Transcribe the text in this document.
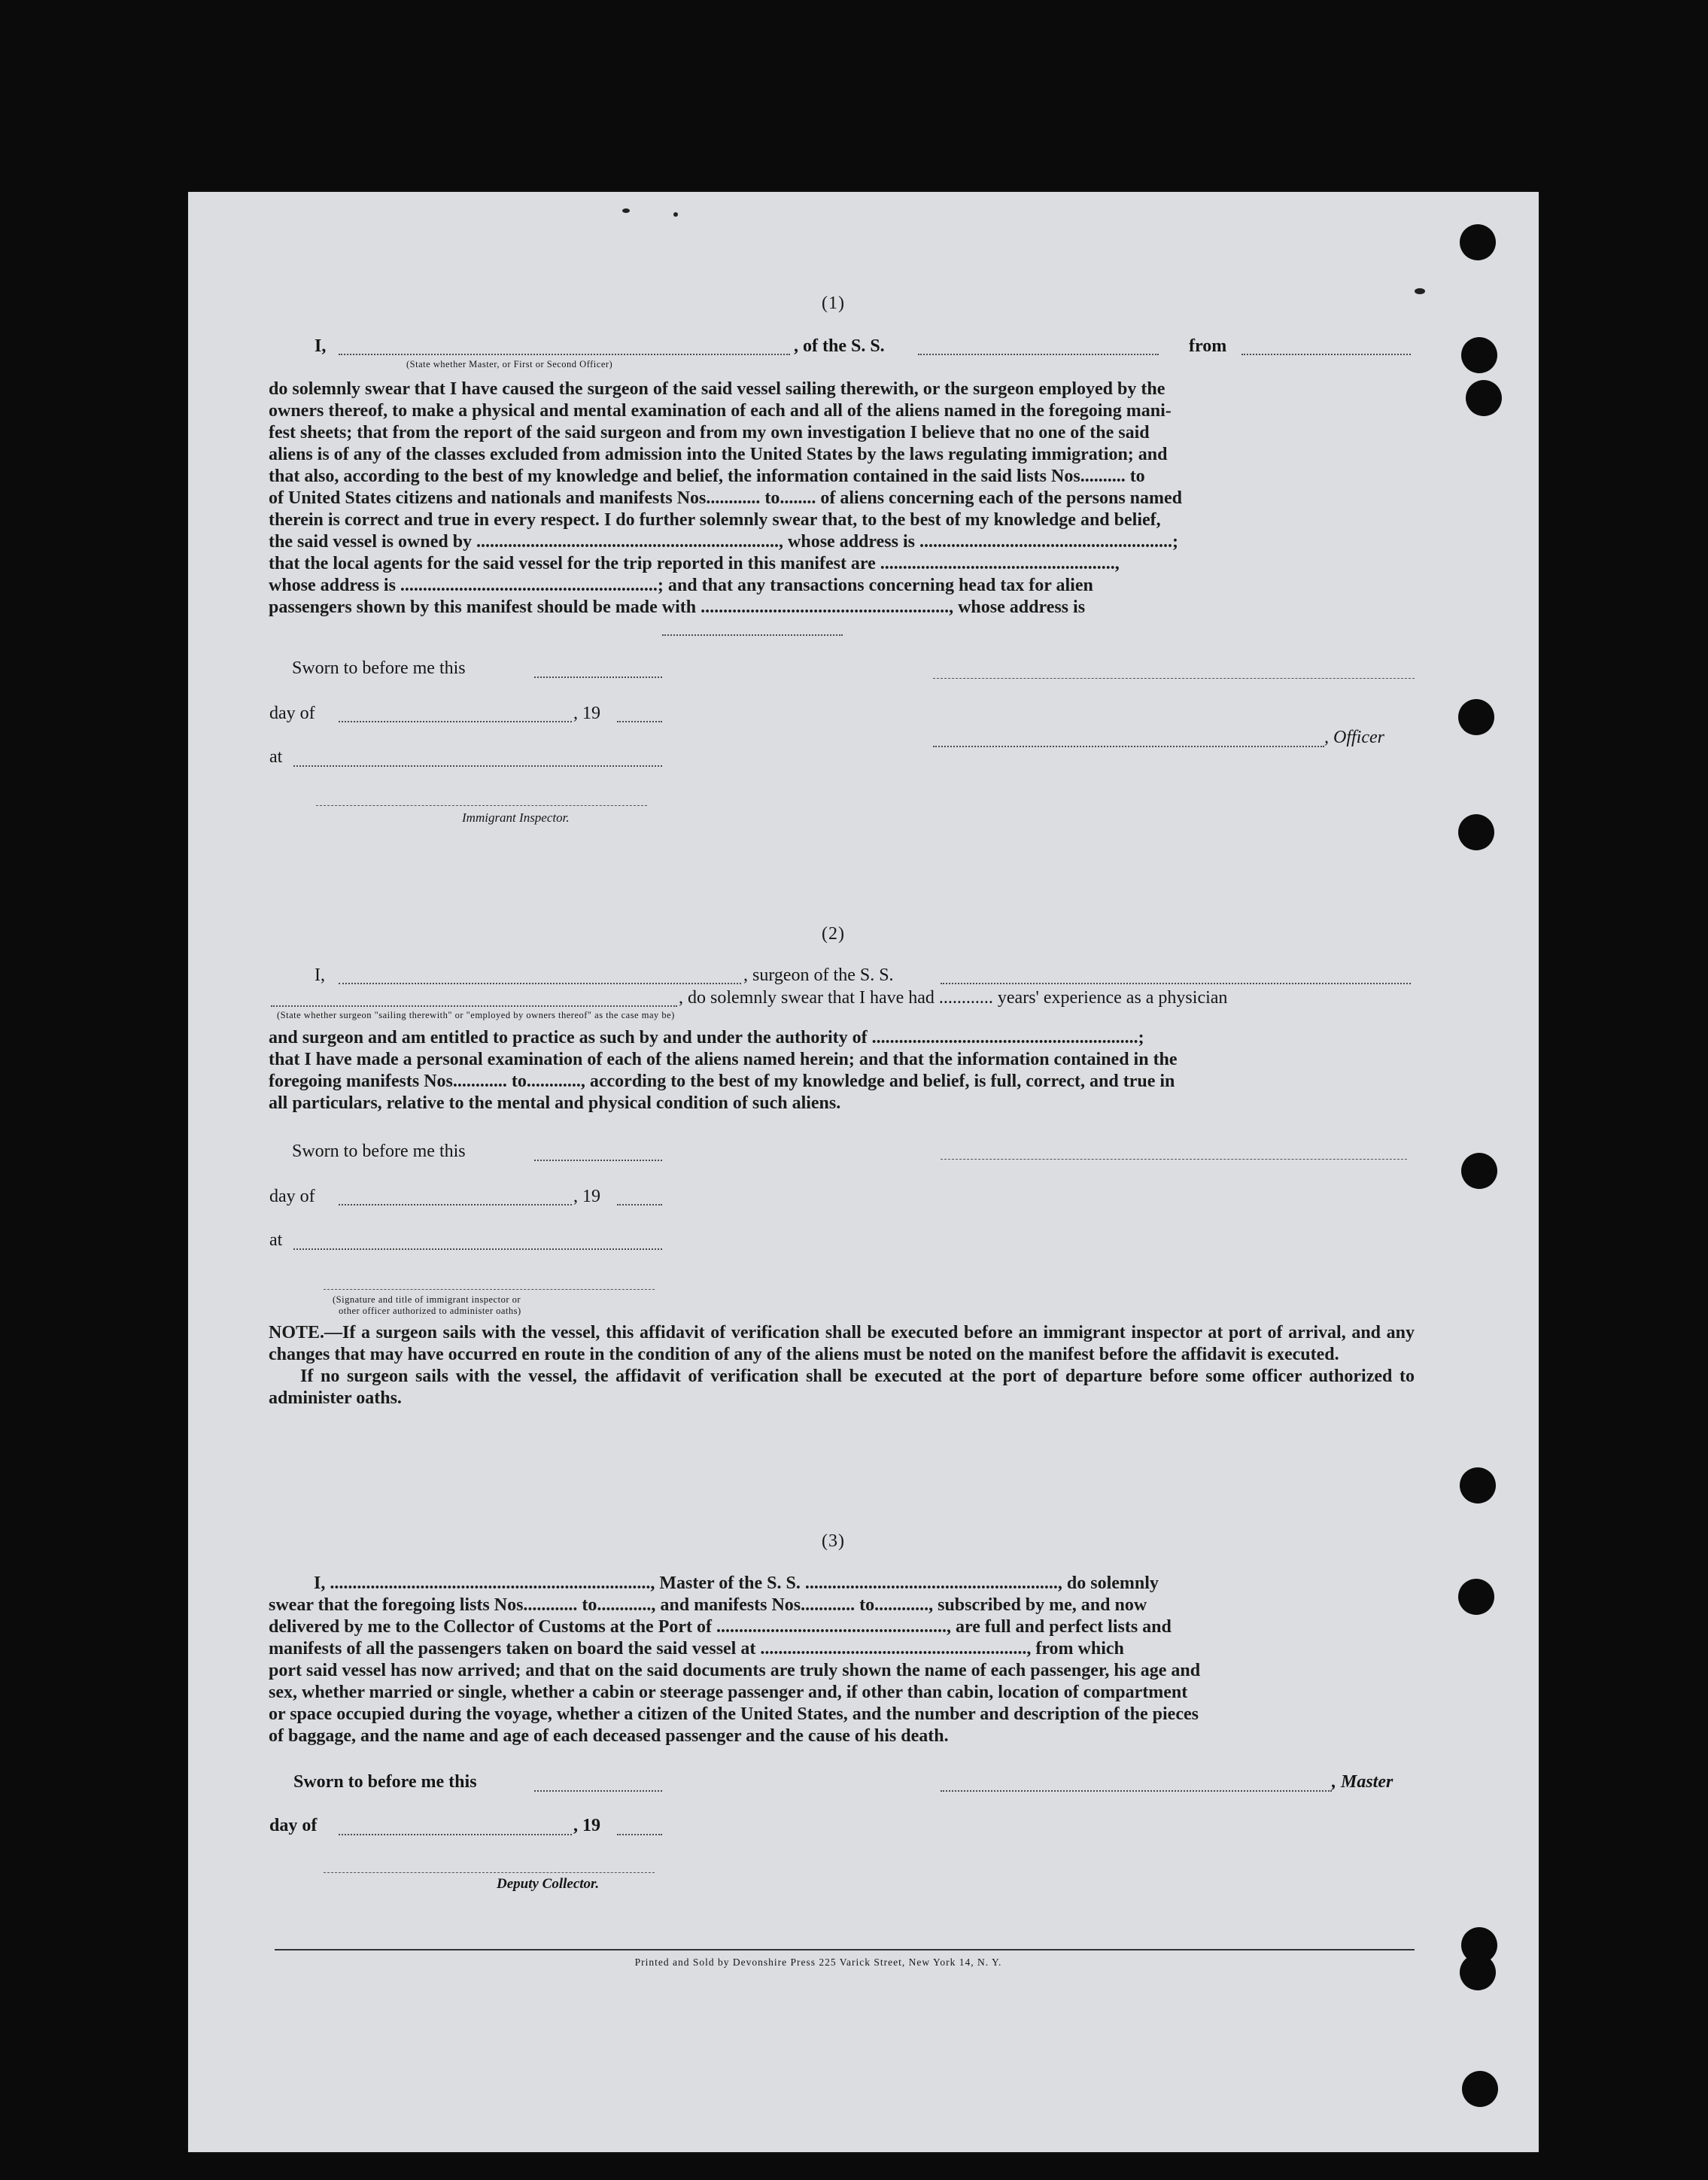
(1)
I,	, of the S. S.	from
(State whether Master, or First or Second Officer)

do solemnly swear that I have caused the surgeon of the said vessel sailing therewith, or the surgeon employed by the

owners thereof, to make a physical and mental examination of each and all of the aliens named in the foregoing mani-

fest sheets; that from the report of the said surgeon and from my own investigation I believe that no one of the said

aliens is of any of the classes excluded from admission into the United States by the laws regulating immigration; and

that also, according to the best of my knowledge and belief, the information contained in the said lists Nos.......... to

of United States citizens and nationals and manifests Nos............ to........ of aliens concerning each of the persons named

therein is correct and true in every respect. I do further solemnly swear that, to the best of my knowledge and belief,

the said vessel is owned by ..................................................................., whose address is ........................................................;

that the local agents for the said vessel for the trip reported in this manifest are ....................................................,

whose address is .........................................................; and that any transactions concerning head tax for alien

passengers shown by this manifest should be made with ......................................................., whose address is

Sworn to before me this
day of	, 19
, Officer
at
Immigrant Inspector.
(2)
I,	, surgeon of the S. S.
, do solemnly swear that I have had ............ years' experience as a physician
(State whether surgeon "sailing therewith" or "employed by owners thereof" as the case may be)

and surgeon and am entitled to practice as such by and under the authority of ...........................................................;

that I have made a personal examination of each of the aliens named herein; and that the information contained in the

foregoing manifests Nos............ to............, according to the best of my knowledge and belief, is full, correct, and true in

all particulars, relative to the mental and physical condition of such aliens.

Sworn to before me this
day of	, 19
at
(Signature and title of immigrant inspector or
other officer authorized to administer oaths)

NOTE.—If a surgeon sails with the vessel, this affidavit of verification shall be executed before an immigrant inspector at port of arrival, and any changes that may have occurred en route in the condition of any of the aliens must be noted on the manifest before the affidavit is executed.

If no surgeon sails with the vessel, the affidavit of verification shall be executed at the port of departure before some officer authorized to administer oaths.

(3)

I, ......................................................................., Master of the S. S. ........................................................, do solemnly

swear that the foregoing lists Nos............ to............, and manifests Nos............ to............, subscribed by me, and now

delivered by me to the Collector of Customs at the Port of ..................................................., are full and perfect lists and

manifests of all the passengers taken on board the said vessel at ..........................................................., from which

port said vessel has now arrived; and that on the said documents are truly shown the name of each passenger, his age and

sex, whether married or single, whether a cabin or steerage passenger and, if other than cabin, location of compartment

or space occupied during the voyage, whether a citizen of the United States, and the number and description of the pieces

of baggage, and the name and age of each deceased passenger and the cause of his death.

Sworn to before me this	, Master
day of	, 19
Deputy Collector.
Printed and Sold by Devonshire Press 225 Varick Street, New York 14, N. Y.
